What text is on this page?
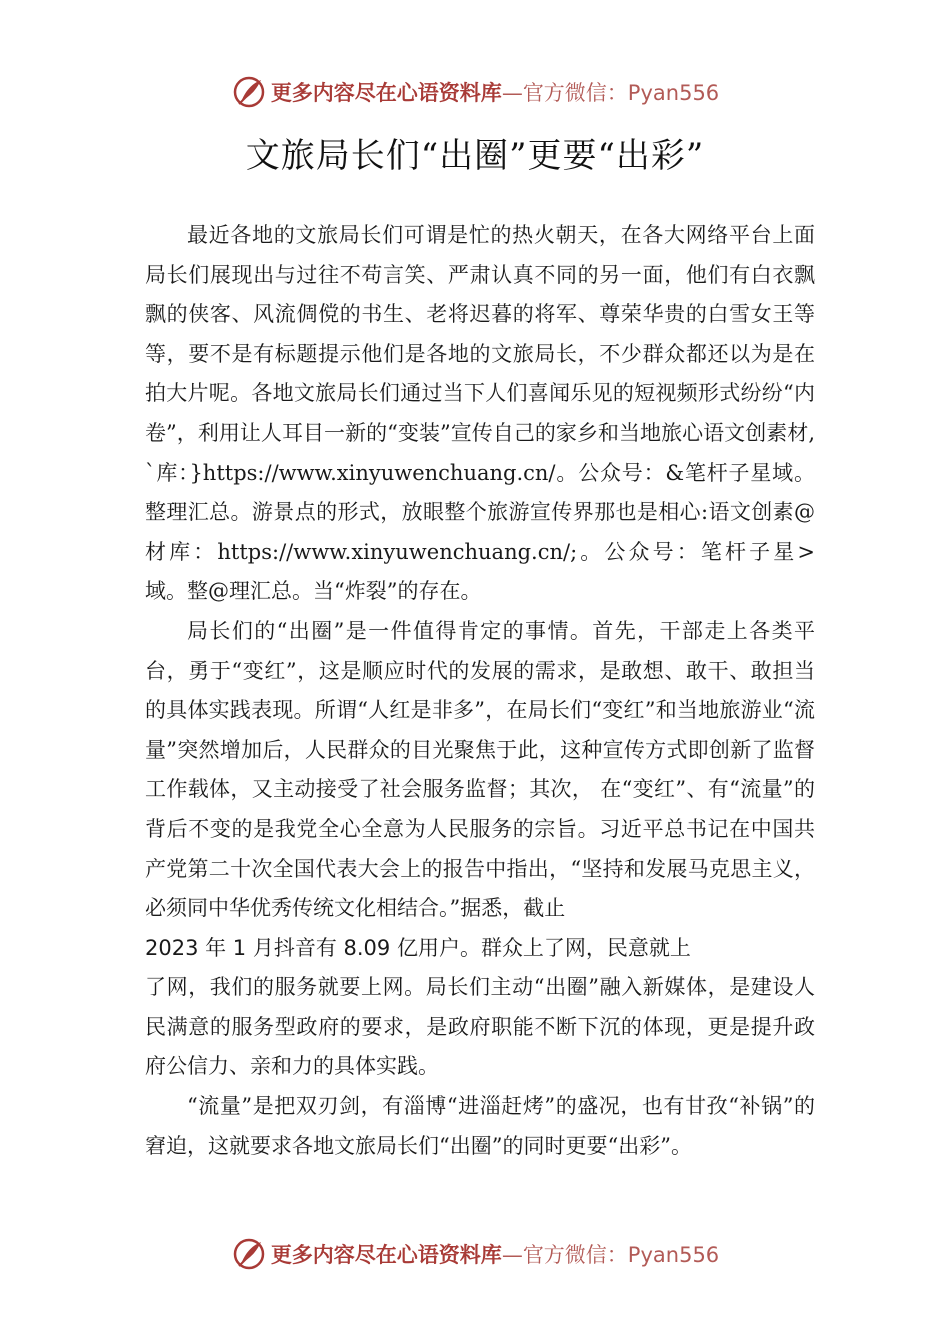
更多内容尽在心语资料库—官方微信：Pyan556
文旅局长们“出圈”更要“出彩”

最近各地的文旅局长们可谓是忙的热火朝天，在各大网络平台上面局长们展现出与过往不苟言笑、严肃认真不同的另一面，他们有白衣飘飘的侠客、风流倜傥的书生、老将迟暮的将军、尊荣华贵的白雪女王等等，要不是有标题提示他们是各地的文旅局长，不少群众都还以为是在拍大片呢。各地文旅局长们通过当下人们喜闻乐见的短视频形式纷纷“内卷”，利用让人耳目一新的“变装”宣传自己的家乡和当地旅心语文创素材,`库：}https://www.xinyuwenchuang.cn/。公众号：&笔杆子星域。整理汇总。游景点的形式，放眼整个旅游宣传界那也是相心:语文创素@材库：https://www.xinyuwenchuang.cn/;。公众号：笔杆子星>域。整@理汇总。当“炸裂”的存在。

局长们的“出圈”是一件值得肯定的事情。首先，干部走上各类平台，勇于“变红”，这是顺应时代的发展的需求，是敢想、敢干、敢担当的具体实践表现。所谓“人红是非多”，在局长们“变红”和当地旅游业“流量”突然增加后，人民群众的目光聚焦于此，这种宣传方式即创新了监督工作载体，又主动接受了社会服务监督；其次， 在“变红”、有“流量”的背后不变的是我党全心全意为人民服务的宗旨。习近平总书记在中国共产党第二十次全国代表大会上的报告中指出，“坚持和发展马克思主义，必须同中华优秀传统文化相结合。”据悉，截止

2023 年 1 月抖音有 8.09 亿用户。群众上了网，民意就上

了网，我们的服务就要上网。局长们主动“出圈”融入新媒体，是建设人民满意的服务型政府的要求，是政府职能不断下沉的体现，更是提升政府公信力、亲和力的具体实践。

“流量”是把双刃剑，有淄博“进淄赶烤”的盛况，也有甘孜“补锅”的窘迫，这就要求各地文旅局长们“出圈”的同时更要“出彩”。

更多内容尽在心语资料库—官方微信：Pyan556
